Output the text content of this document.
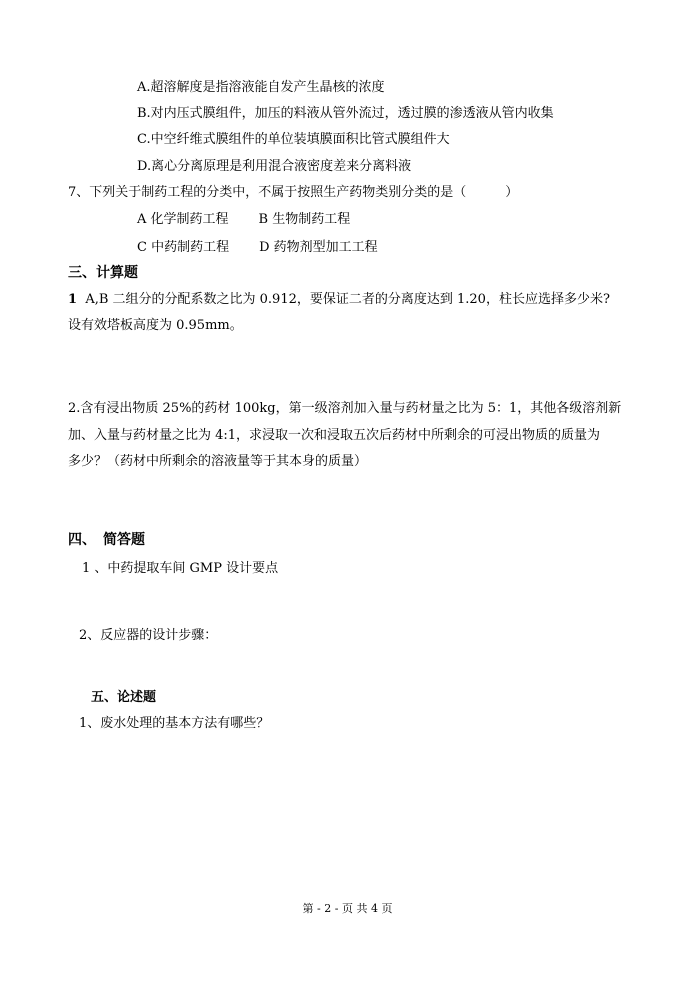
A.超溶解度是指溶液能自发产生晶核的浓度
B.对内压式膜组件，加压的料液从管外流过，透过膜的渗透液从管内收集
C.中空纤维式膜组件的单位装填膜面积比管式膜组件大
D.离心分离原理是利用混合液密度差来分离料液
7、下列关于制药工程的分类中，不属于按照生产药物类别分类的是（　　　）
A 化学制药工程 B 生物制药工程
C 中药制药工程 D 药物剂型加工工程
三、计算题
1 A,B 二组分的分配系数之比为 0.912，要保证二者的分离度达到 1.20，柱长应选择多少米?
设有效塔板高度为 0.95mm。
2.含有浸出物质 25%的药材 100kg，第一级溶剂加入量与药材量之比为 5：1，其他各级溶剂新
加、入量与药材量之比为 4:1，求浸取一次和浸取五次后药材中所剩余的可浸出物质的质量为
多少？（药材中所剩余的溶液量等于其本身的质量）
四、　简答题
1 、中药提取车间 GMP 设计要点
2、反应器的设计步骤：
五、论述题
1、废水处理的基本方法有哪些？
第 - 2 - 页 共 4 页
